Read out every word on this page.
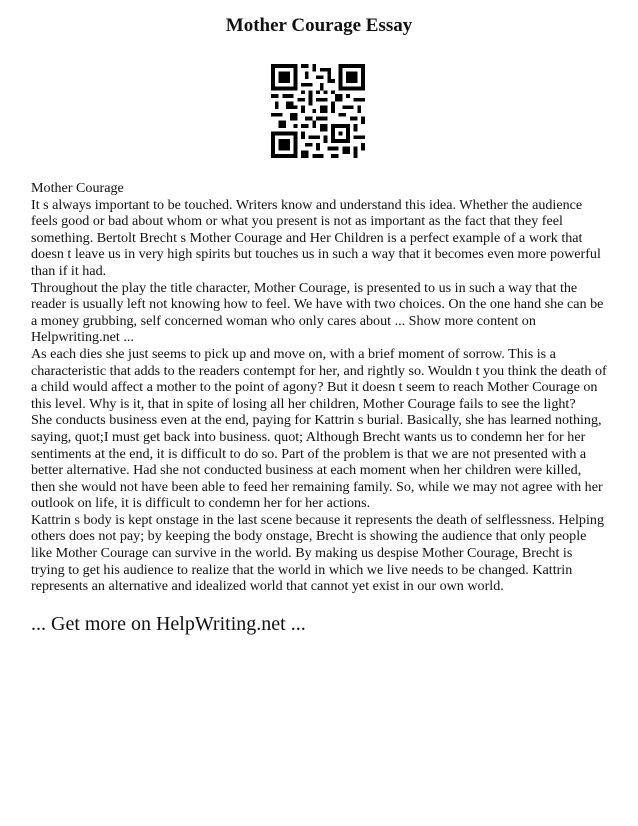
Mother Courage Essay

Mother Courage

It s always important to be touched. Writers know and understand this idea. Whether the audience feels good or bad about whom or what you present is not as important as the fact that they feel something. Bertolt Brecht s Mother Courage and Her Children is a perfect example of a work that doesn t leave us in very high spirits but touches us in such a way that it becomes even more powerful than if it had.

Throughout the play the title character, Mother Courage, is presented to us in such a way that the reader is usually left not knowing how to feel. We have with two choices. On the one hand she can be a money grubbing, self concerned woman who only cares about ... Show more content on Helpwriting.net ...

As each dies she just seems to pick up and move on, with a brief moment of sorrow. This is a characteristic that adds to the readers contempt for her, and rightly so. Wouldn t you think the death of a child would affect a mother to the point of agony? But it doesn t seem to reach Mother Courage on this level. Why is it, that in spite of losing all her children, Mother Courage fails to see the light?

She conducts business even at the end, paying for Kattrin s burial. Basically, she has learned nothing, saying, quot;I must get back into business. quot; Although Brecht wants us to condemn her for her sentiments at the end, it is difficult to do so. Part of the problem is that we are not presented with a better alternative. Had she not conducted business at each moment when her children were killed, then she would not have been able to feed her remaining family. So, while we may not agree with her outlook on life, it is difficult to condemn her for her actions.

Kattrin s body is kept onstage in the last scene because it represents the death of selflessness. Helping others does not pay; by keeping the body onstage, Brecht is showing the audience that only people like Mother Courage can survive in the world. By making us despise Mother Courage, Brecht is trying to get his audience to realize that the world in which we live needs to be changed. Kattrin represents an alternative and idealized world that cannot yet exist in our own world.

... Get more on HelpWriting.net ...
